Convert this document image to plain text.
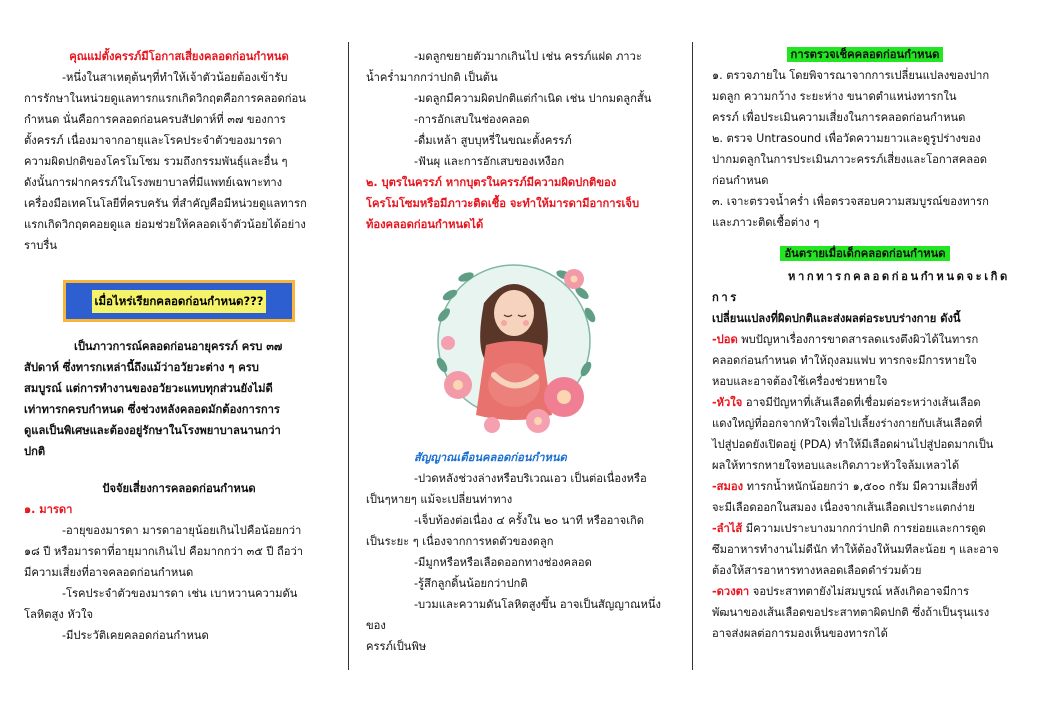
คุณแม่ตั้งครรภ์มีโอกาสเสี่ยงคลอดก่อนกำหนด

-หนึ่งในสาเหตุต้นๆที่ทำให้เจ้าตัวน้อยต้องเข้ารับ

การรักษาในหน่วยดูแลทารกแรกเกิดวิกฤตคือการคลอดก่อน

กำหนด นั่นคือการคลอดก่อนครบสัปดาห์ที่ ๓๗ ของการ

ตั้งครรภ์ เนื่องมาจากอายุและโรคประจำตัวของมารดา

ความผิดปกติของโครโมโซม รวมถึงกรรมพันธุ์และอื่น ๆ

ดังนั้นการฝากครรภ์ในโรงพยาบาลที่มีแพทย์เฉพาะทาง

เครื่องมือเทคโนโลยีที่ครบครัน ที่สำคัญคือมีหน่วยดูแลทารก

แรกเกิดวิกฤตคอยดูแล ย่อมช่วยให้คลอดเจ้าตัวน้อยได้อย่าง

ราบรื่น

เมื่อไหร่เรียกคลอดก่อนกำหนด???

เป็นภาวการณ์คลอดก่อนอายุครรภ์ ครบ ๓๗

สัปดาห์ ซึ่งทารกเหล่านี้ถึงแม้ว่าอวัยวะต่าง ๆ ครบ

สมบูรณ์ แต่การทำงานของอวัยวะแทบทุกส่วนยังไม่ดี

เท่าทารกครบกำหนด ซึ่งช่วงหลังคลอดมักต้องการการ

ดูแลเป็นพิเศษและต้องอยู่รักษาในโรงพยาบาลนานกว่า

ปกติ

ปัจจัยเสี่ยงการคลอดก่อนกำหนด

๑. มารดา

-อายุของมารดา มารดาอายุน้อยเกินไปคือน้อยกว่า

๑๘ ปี หรือมารดาที่อายุมากเกินไป คือมากกว่า ๓๕ ปี ถือว่า

มีความเสี่ยงที่อาจคลอดก่อนกำหนด

-โรคประจำตัวของมารดา เช่น เบาหวานความดัน

โลหิตสูง หัวใจ

-มีประวัติเคยคลอดก่อนกำหนด

-มดลูกขยายตัวมากเกินไป เช่น ครรภ์แฝด ภาวะ

น้ำคร่ำมากกว่าปกติ เป็นต้น

-มดลูกมีความผิดปกติแต่กำเนิด เช่น ปากมดลูกสั้น

-การอักเสบในช่องคลอด

-ดื่มเหล้า สูบบุหรี่ในขณะตั้งครรภ์

-ฟันผุ และการอักเสบของเหงือก

๒. บุตรในครรภ์ หากบุตรในครรภ์มีความผิดปกติของ

โครโมโซมหรือมีภาวะติดเชื้อ จะทำให้มารดามีอาการเจ็บ

ท้องคลอดก่อนกำหนดได้

สัญญาณเตือนคลอดก่อนกำหนด

-ปวดหลังช่วงล่างหรือบริเวณเอว เป็นต่อเนื่องหรือ

เป็นๆหายๆ แม้จะเปลี่ยนท่าทาง

-เจ็บท้องต่อเนื่อง ๔ ครั้งใน ๒๐ นาที หรืออาจเกิด

เป็นระยะ ๆ เนื่องจากการหดตัวของดลูก

-มีมูกหรือหรือเลือดออกทางช่องคลอด

-รู้สึกลูกดิ้นน้อยกว่าปกติ

-บวมและความดันโลหิตสูงขึ้น อาจเป็นสัญญาณหนึ่งของ

ครรภ์เป็นพิษ

การตรวจเช็คคลอดก่อนกำหนด

๑. ตรวจภายใน โดยพิจารณาจากการเปลี่ยนแปลงของปาก

มดลูก ความกว้าง ระยะห่าง ขนาดตำแหน่งทารกใน

ครรภ์ เพื่อประเมินความเสี่ยงในการคลอดก่อนกำหนด

๒. ตรวจ Untrasound เพื่อวัดความยาวและดูรูปร่างของ

ปากมดลูกในการประเมินภาวะครรภ์เสี่ยงและโอกาสคลอด

ก่อนกำหนด

๓. เจาะตรวจน้ำคร่ำ เพื่อตรวจสอบความสมบูรณ์ของทารก

และภาวะติดเชื้อต่าง ๆ

อันตรายเมื่อเด็กคลอดก่อนกำหนด

หากทารกคลอดก่อนกำหนดจะเกิดการ

เปลี่ยนแปลงที่ผิดปกติและส่งผลต่อระบบร่างกาย ดังนี้

-ปอด พบปัญหาเรื่องการขาดสารลดแรงตึงผิวได้ในทารก

คลอดก่อนกำหนด ทำให้ถุงลมแฟบ ทารกจะมีการหายใจ

หอบและอาจต้องใช้เครื่องช่วยหายใจ

-หัวใจ อาจมีปัญหาที่เส้นเลือดที่เชื่อมต่อระหว่างเส้นเลือด

แดงใหญ่ที่ออกจากหัวใจเพื่อไปเลี้ยงร่างกายกับเส้นเลือดที่

ไปสู่ปอดยังเปิดอยู่ (PDA) ทำให้มีเลือดผ่านไปสู่ปอดมากเป็น

ผลให้ทารกหายใจหอบและเกิดภาวะหัวใจล้มเหลวได้

-สมอง ทารกน้ำหนักน้อยกว่า ๑,๕๐๐ กรัม มีความเสี่ยงที่

จะมีเลือดออกในสมอง เนื่องจากเส้นเลือดเปราะแตกง่าย

-ลำไส้ มีความเปราะบางมากกว่าปกติ การย่อยและการดูด

ซึมอาหารทำงานไม่ดีนัก ทำให้ต้องให้นมทีละน้อย ๆ และอาจ

ต้องให้สารอาหารทางหลอดเลือดดำร่วมด้วย

-ดวงตา จอประสาทตายังไม่สมบูรณ์ หลังเกิดอาจมีการ

พัฒนาของเส้นเลือดขอประสาทตาผิดปกติ ซึ่งถ้าเป็นรุนแรง

อาจส่งผลต่อการมองเห็นของทารกได้
